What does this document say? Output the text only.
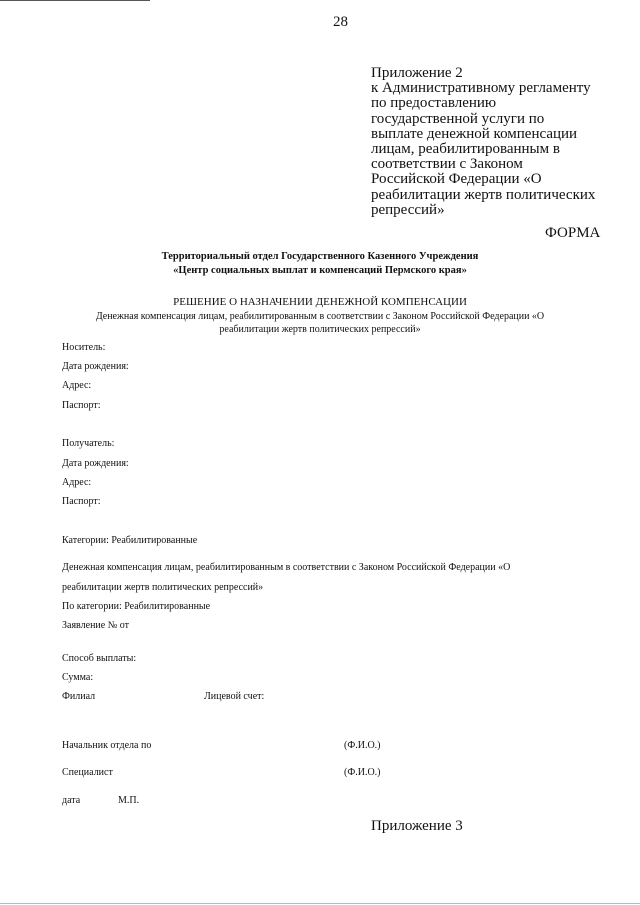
28
Приложение 2
к Административному регламенту
по предоставлению
государственной услуги по
выплате денежной компенсации
лицам, реабилитированным в
соответствии с Законом
Российской Федерации «О
реабилитации жертв политических
репрессий»
ФОРМА
Территориальный отдел Государственного Казенного Учреждения
«Центр социальных выплат и компенсаций Пермского края»
РЕШЕНИЕ О НАЗНАЧЕНИИ ДЕНЕЖНОЙ КОМПЕНСАЦИИ
Денежная компенсация лицам, реабилитированным в соответствии с Законом Российской Федерации «О
реабилитации жертв политических репрессий»
Носитель:
Дата рождения:
Адрес:
Паспорт:
Получатель:
Дата рождения:
Адрес:
Паспорт:
Категории: Реабилитированные
Денежная компенсация лицам, реабилитированным в соответствии с Законом Российской Федерации «О
реабилитации жертв политических репрессий»
По категории: Реабилитированные
Заявление № от
Способ выплаты:
Сумма:
Филиал	Лицевой счет:
Начальник отдела по	(Ф.И.О.)
Специалист	(Ф.И.О.)
дата	М.П.
Приложение 3
